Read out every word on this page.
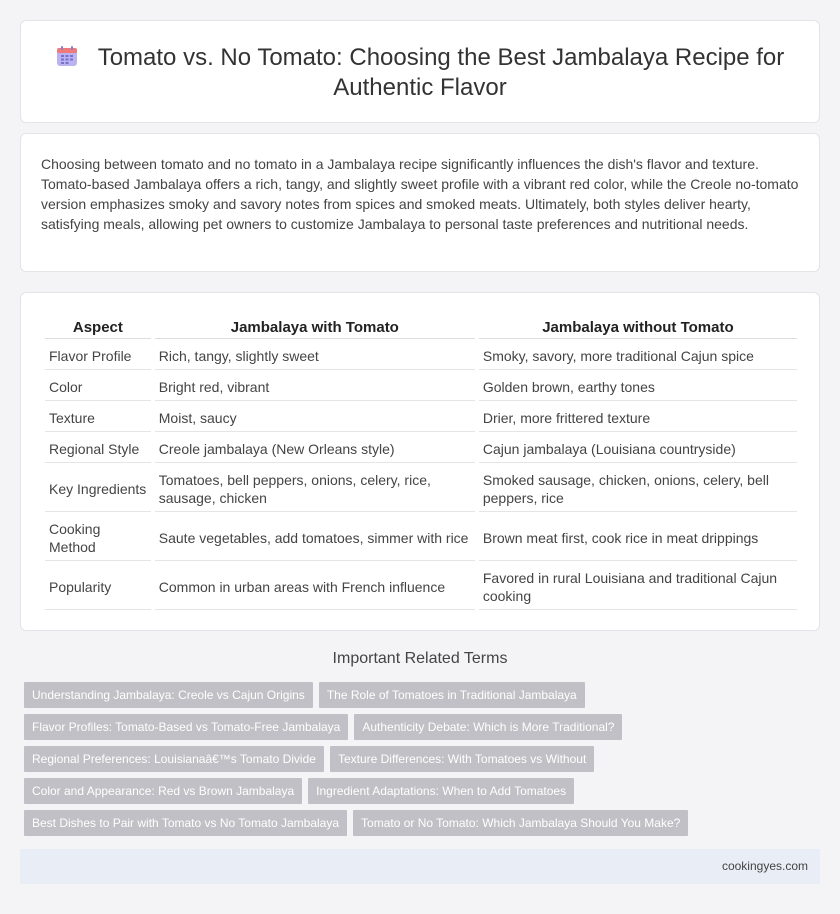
Tomato vs. No Tomato: Choosing the Best Jambalaya Recipe for Authentic Flavor

Choosing between tomato and no tomato in a Jambalaya recipe significantly influences the dish's flavor and texture. Tomato-based Jambalaya offers a rich, tangy, and slightly sweet profile with a vibrant red color, while the Creole no-tomato version emphasizes smoky and savory notes from spices and smoked meats. Ultimately, both styles deliver hearty, satisfying meals, allowing pet owners to customize Jambalaya to personal taste preferences and nutritional needs.

Aspect	Jambalaya with Tomato	Jambalaya without Tomato
Flavor Profile	Rich, tangy, slightly sweet	Smoky, savory, more traditional Cajun spice
Color	Bright red, vibrant	Golden brown, earthy tones
Texture	Moist, saucy	Drier, more frittered texture
Regional Style	Creole jambalaya (New Orleans style)	Cajun jambalaya (Louisiana countryside)
Key Ingredients	Tomatoes, bell peppers, onions, celery, rice, sausage, chicken	Smoked sausage, chicken, onions, celery, bell peppers, rice
Cooking Method	Saute vegetables, add tomatoes, simmer with rice	Brown meat first, cook rice in meat drippings
Popularity	Common in urban areas with French influence	Favored in rural Louisiana and traditional Cajun cooking
Important Related Terms
Understanding Jambalaya: Creole vs Cajun Origins The Role of Tomatoes in Traditional Jambalaya
Flavor Profiles: Tomato-Based vs Tomato-Free Jambalaya Authenticity Debate: Which is More Traditional?
Regional Preferences: Louisianaâ€™s Tomato Divide Texture Differences: With Tomatoes vs Without
Color and Appearance: Red vs Brown Jambalaya Ingredient Adaptations: When to Add Tomatoes
Best Dishes to Pair with Tomato vs No Tomato Jambalaya Tomato or No Tomato: Which Jambalaya Should You Make?
cookingyes.com
